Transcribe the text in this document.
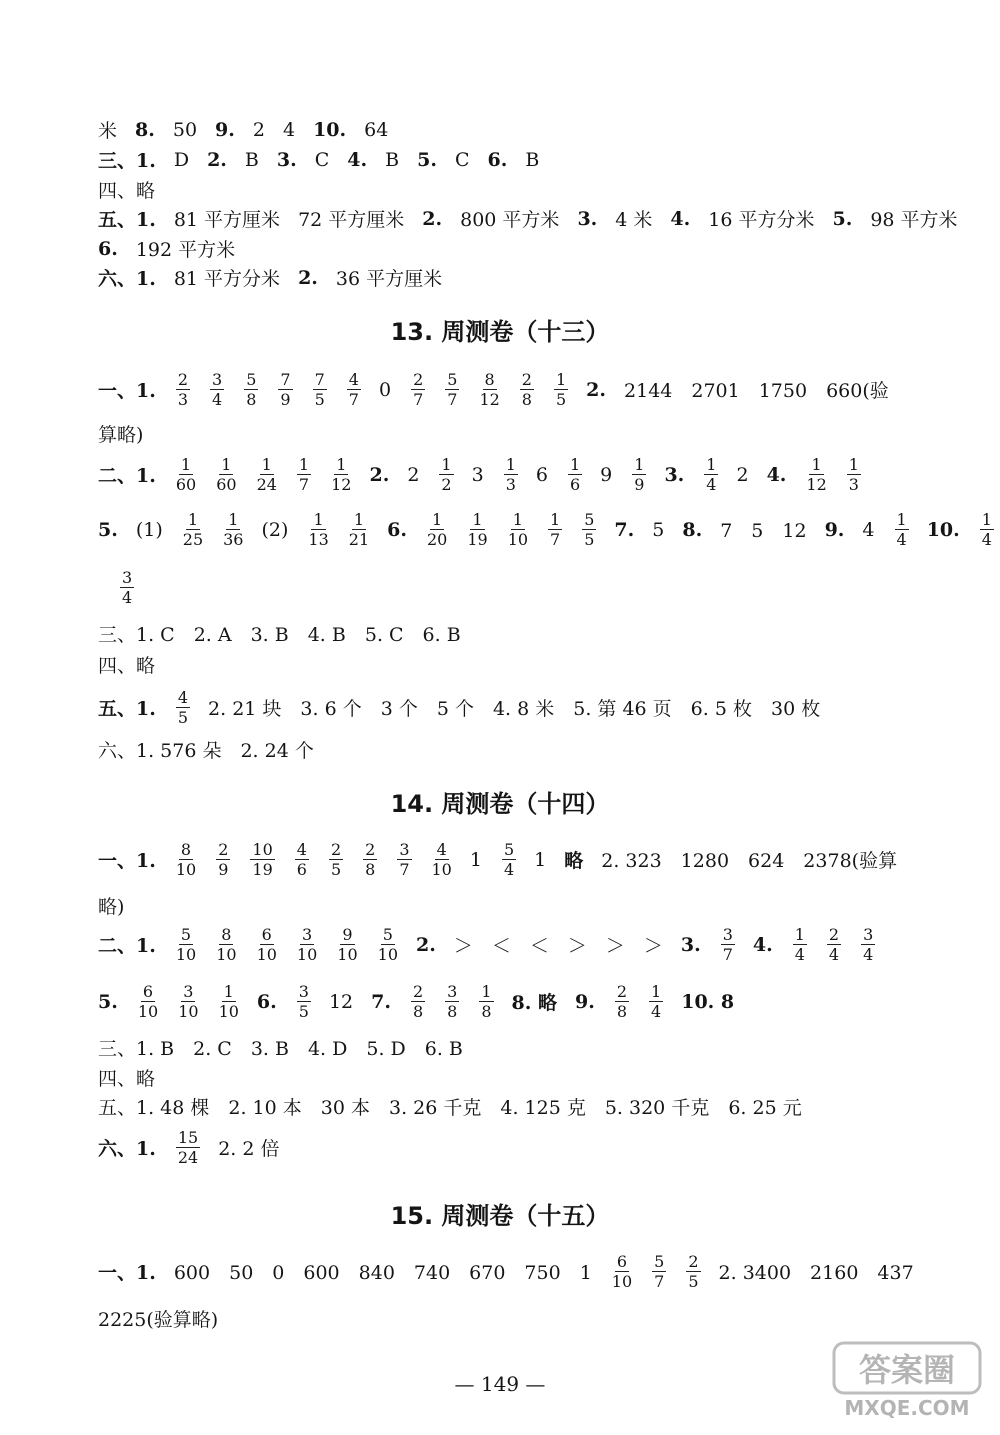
米 8. 50 9. 2 4 10. 64
三、1. D 2. B 3. C 4. B 5. C 6. B
四、略
五、1. 81 平方厘米 72 平方厘米 2. 800 平方米 3. 4 米 4. 16 平方分米 5. 98 平方米
6. 192 平方米
六、1. 81 平方分米 2. 36 平方厘米
13. 周测卷（十三）
14. 周测卷（十四）
15. 周测卷（十五）
一、1. $\frac{2}{3} \frac{3}{4} \frac{5}{8} \frac{7}{9} \frac{7}{5} \frac{4}{7} 0 \frac{2}{7} \frac{5}{7} \frac{8}{12} \frac{2}{8} \frac{1}{5} 2$. 2144　2701　1750　660(验
算略)
二、1. $\frac{1}{60} \frac{1}{60} \frac{1}{24} \frac{1}{7} \frac{1}{12} 2$. $2 \frac{1}{2} 3 \frac{1}{3} 6 \frac{1}{6} 9 \frac{1}{9} 3$. $\frac{1}{4} 2$ 4. $\frac{1}{12} \frac{1}{3}$
5. $(1) \frac{1}{25} \frac{1}{36} (2) \frac{1}{13} \frac{1}{21} 6$. $\frac{1}{20} \frac{1}{19} \frac{1}{10} \frac{1}{7} \frac{5}{5} 7$. 5 8. 7　5　12 9. $4 \frac{1}{4} 10$. $\frac{1}{4}$
$\frac{3}{4}$
三、1. C　2. A　3. B　4. B　5. C　6. B
四、略
五、1. $\frac{4}{5} 2$. 21 块　3. 6 个　3 个　5 个　4. 8 米　5. 第 46 页　6. 5 枚　30 枚
六、1. 576 朵　2. 24 个
一、1. $\frac{8}{10} \frac{2}{9} \frac{10}{19} \frac{4}{6} \frac{2}{5} \frac{2}{8} \frac{3}{7} \frac{4}{10} 1 \frac{5}{4} 1$ 略 2. 323　1280　624　2378(验算
略)
二、1. $\frac{5}{10} \frac{8}{10} \frac{6}{10} \frac{3}{10} \frac{9}{10} \frac{5}{10} 2$. ＞　＜　＜　＞　＞　＞ 3. $\frac{3}{7} 4$. $\frac{1}{4} \frac{2}{4} \frac{3}{4}$
5. $\frac{6}{10} \frac{3}{10} \frac{1}{10} 6$. $\frac{3}{5} 12$ 7. $\frac{2}{8} \frac{3}{8} \frac{1}{8} 8$. 略 9. $\frac{2}{8} \frac{1}{4} 10$. 8
三、1. B　2. C　3. B　4. D　5. D　6. B
四、略
五、1. 48 棵　2. 10 本　30 本　3. 26 千克　4. 125 克　5. 320 千克　6. 25 元
六、1. $\frac{15}{24} 2$. 2 倍
一、1. 600　50　0　600　840　740　670　750　$1 \frac{6}{10} \frac{5}{7} \frac{2}{5} 2$. 3400　2160　437
2225(验算略)
— 149 —	答案圈
MXQE.COM
